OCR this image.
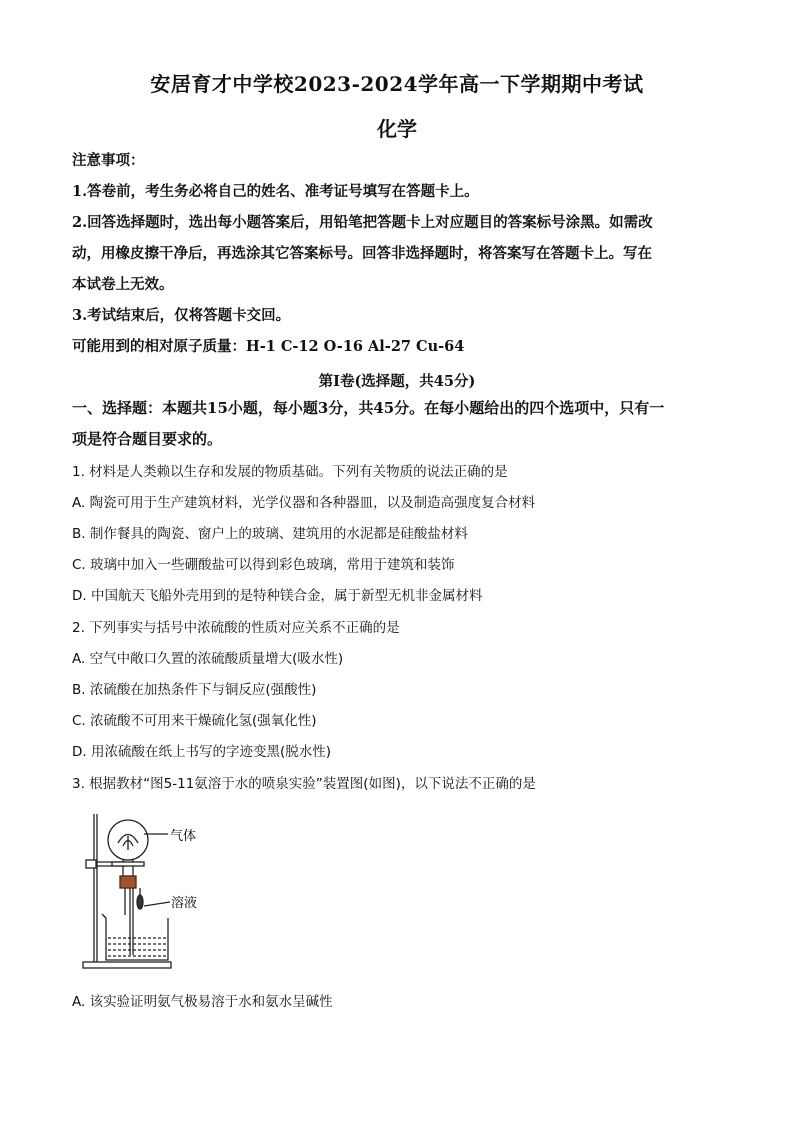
安居育才中学校2023-2024学年高一下学期期中考试
化学
注意事项：
1.答卷前，考生务必将自己的姓名、准考证号填写在答题卡上。
2.回答选择题时，选出每小题答案后，用铅笔把答题卡上对应题目的答案标号涂黑。如需改
动，用橡皮擦干净后，再选涂其它答案标号。回答非选择题时，将答案写在答题卡上。写在
本试卷上无效。
3.考试结束后，仅将答题卡交回。
可能用到的相对原子质量：H-1 C-12 O-16 Al-27 Cu-64
第I卷(选择题，共45分)
一、选择题：本题共15小题，每小题3分，共45分。在每小题给出的四个选项中，只有一
项是符合题目要求的。
1. 材料是人类赖以生存和发展的物质基础。下列有关物质的说法正确的是
A. 陶瓷可用于生产建筑材料，光学仪器和各种器皿，以及制造高强度复合材料
B. 制作餐具的陶瓷、窗户上的玻璃、建筑用的水泥都是硅酸盐材料
C. 玻璃中加入一些硼酸盐可以得到彩色玻璃，常用于建筑和装饰
D. 中国航天飞船外壳用到的是特种镁合金，属于新型无机非金属材料
2. 下列事实与括号中浓硫酸的性质对应关系不正确的是
A. 空气中敞口久置的浓硫酸质量增大(吸水性)
B. 浓硫酸在加热条件下与铜反应(强酸性)
C. 浓硫酸不可用来干燥硫化氢(强氧化性)
D. 用浓硫酸在纸上书写的字迹变黑(脱水性)
3. 根据教材“图5-11氨溶于水的喷泉实验”装置图(如图)，以下说法不正确的是
气体
溶液
A. 该实验证明氨气极易溶于水和氨水呈碱性
